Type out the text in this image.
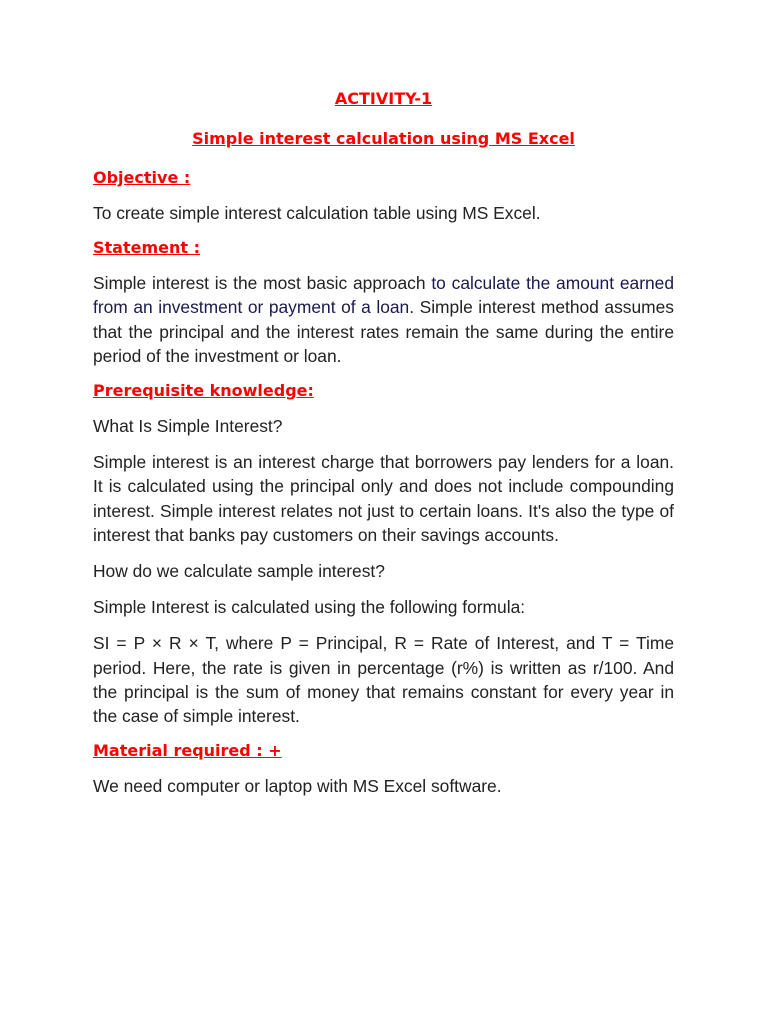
ACTIVITY-1

Simple interest calculation using MS Excel

Objective :

To create simple interest calculation table using MS Excel.

Statement :

Simple interest is the most basic approach to calculate the amount earned from an investment or payment of a loan. Simple interest method assumes that the principal and the interest rates remain the same during the entire period of the investment or loan.

Prerequisite knowledge:

What Is Simple Interest?

Simple interest is an interest charge that borrowers pay lenders for a loan. It is calculated using the principal only and does not include compounding interest. Simple interest relates not just to certain loans. It's also the type of interest that banks pay customers on their savings accounts.

How do we calculate sample interest?

Simple Interest is calculated using the following formula:

SI = P × R × T, where P = Principal, R = Rate of Interest, and T = Time period. Here, the rate is given in percentage (r%) is written as r/100. And the principal is the sum of money that remains constant for every year in the case of simple interest.

Material required : +

We need computer or laptop with MS Excel software.
